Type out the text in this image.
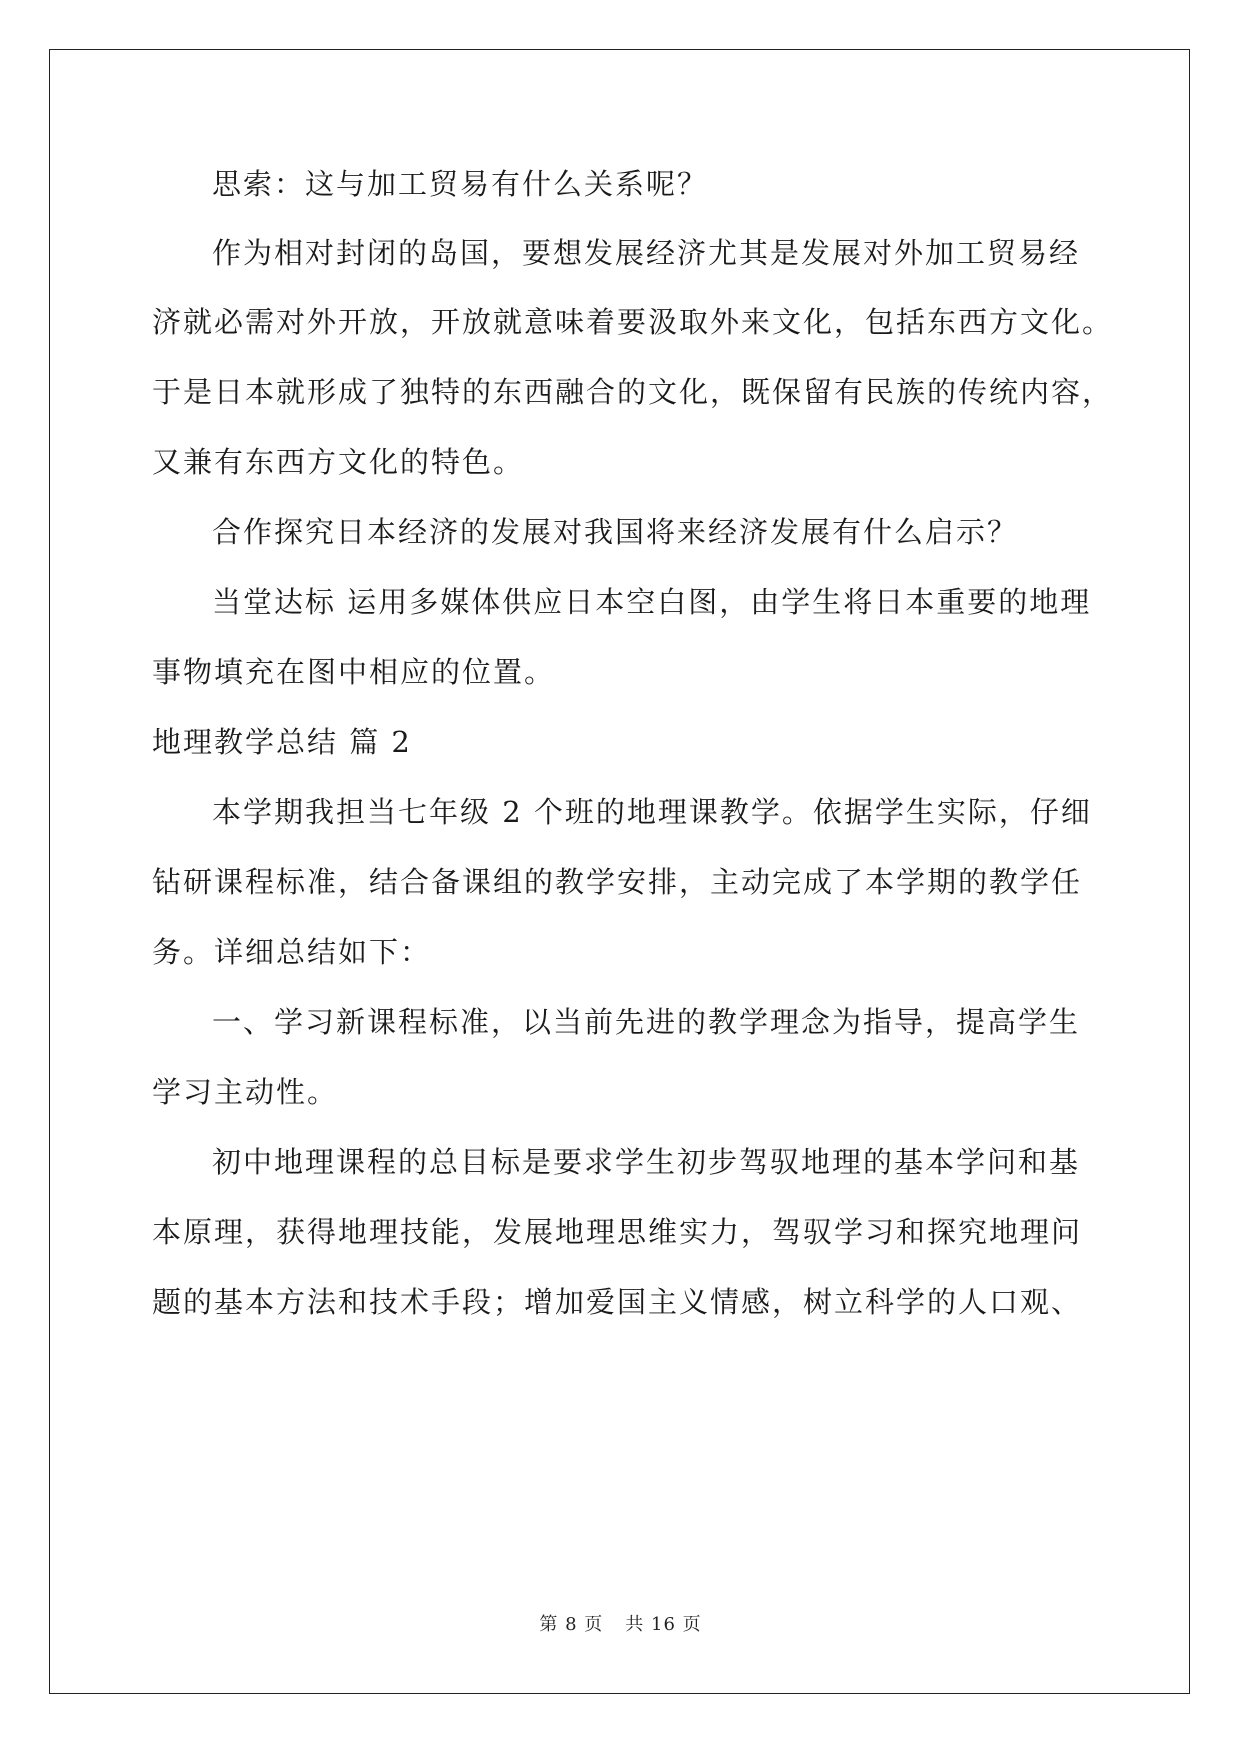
思索：这与加工贸易有什么关系呢？
作为相对封闭的岛国，要想发展经济尤其是发展对外加工贸易经
济就必需对外开放，开放就意味着要汲取外来文化，包括东西方文化。
于是日本就形成了独特的东西融合的文化，既保留有民族的传统内容，
又兼有东西方文化的特色。
合作探究日本经济的发展对我国将来经济发展有什么启示？
当堂达标 运用多媒体供应日本空白图，由学生将日本重要的地理
事物填充在图中相应的位置。
地理教学总结 篇 2
本学期我担当七年级 2 个班的地理课教学。依据学生实际，仔细
钻研课程标准，结合备课组的教学安排，主动完成了本学期的教学任
务。详细总结如下：
一、学习新课程标准，以当前先进的教学理念为指导，提高学生
学习主动性。
初中地理课程的总目标是要求学生初步驾驭地理的基本学问和基
本原理，获得地理技能，发展地理思维实力，驾驭学习和探究地理问
题的基本方法和技术手段；增加爱国主义情感，树立科学的人口观、
第 8 页 共 16 页
